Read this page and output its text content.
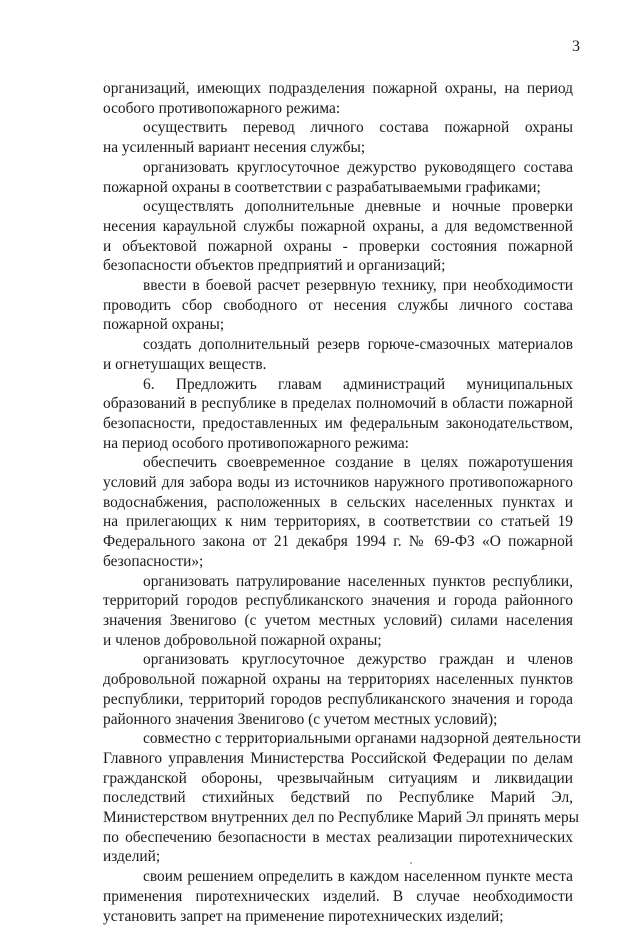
3
организаций, имеющих подразделения пожарной охраны, на период
особого противопожарного режима:
осуществить перевод личного состава пожарной охраны
на усиленный вариант несения службы;
организовать круглосуточное дежурство руководящего состава
пожарной охраны в соответствии с разрабатываемыми графиками;
осуществлять дополнительные дневные и ночные проверки
несения караульной службы пожарной охраны, а для ведомственной
и объектовой пожарной охраны - проверки состояния пожарной
безопасности объектов предприятий и организаций;
ввести в боевой расчет резервную технику, при необходимости
проводить сбор свободного от несения службы личного состава
пожарной охраны;
создать дополнительный резерв горюче-смазочных материалов
и огнетушащих веществ.
6. Предложить главам администраций муниципальных
образований в республике в пределах полномочий в области пожарной
безопасности, предоставленных им федеральным законодательством,
на период особого противопожарного режима:
обеспечить своевременное создание в целях пожаротушения
условий для забора воды из источников наружного противопожарного
водоснабжения, расположенных в сельских населенных пунктах и
на прилегающих к ним территориях, в соответствии со статьей 19
Федерального закона от 21 декабря 1994 г. № 69-ФЗ «О пожарной
безопасности»;
организовать патрулирование населенных пунктов республики,
территорий городов республиканского значения и города районного
значения Звенигово (с учетом местных условий) силами населения
и членов добровольной пожарной охраны;
организовать круглосуточное дежурство граждан и членов
добровольной пожарной охраны на территориях населенных пунктов
республики, территорий городов республиканского значения и города
районного значения Звенигово (с учетом местных условий);
совместно с территориальными органами надзорной деятельности
Главного управления Министерства Российской Федерации по делам
гражданской обороны, чрезвычайным ситуациям и ликвидации
последствий стихийных бедствий по Республике Марий Эл,
Министерством внутренних дел по Республике Марий Эл принять меры
по обеспечению безопасности в местах реализации пиротехнических
изделий;
своим решением определить в каждом населенном пункте места
применения пиротехнических изделий. В случае необходимости
установить запрет на применение пиротехнических изделий;
